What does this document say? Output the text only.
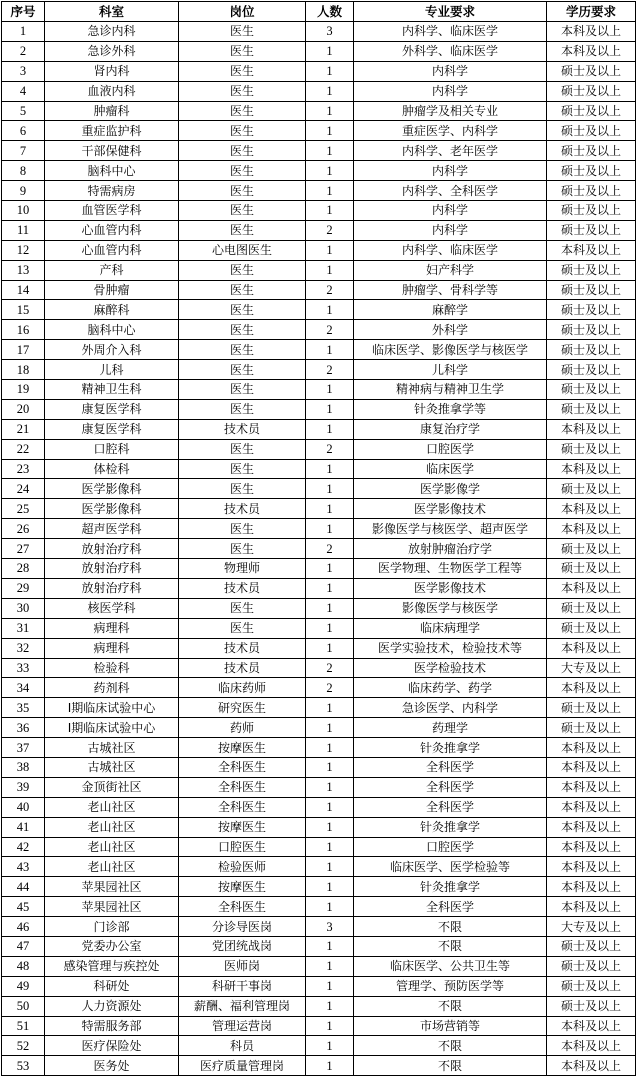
序号	科室	岗位	人数	专业要求	学历要求
1	急诊内科	医生	3	内科学、临床医学	本科及以上
2	急诊外科	医生	1	外科学、临床医学	本科及以上
3	肾内科	医生	1	内科学	硕士及以上
4	血液内科	医生	1	内科学	硕士及以上
5	肿瘤科	医生	1	肿瘤学及相关专业	硕士及以上
6	重症监护科	医生	1	重症医学、内科学	硕士及以上
7	干部保健科	医生	1	内科学、老年医学	硕士及以上
8	脑科中心	医生	1	内科学	硕士及以上
9	特需病房	医生	1	内科学、全科医学	硕士及以上
10	血管医学科	医生	1	内科学	硕士及以上
11	心血管内科	医生	2	内科学	硕士及以上
12	心血管内科	心电图医生	1	内科学、临床医学	本科及以上
13	产科	医生	1	妇产科学	硕士及以上
14	骨肿瘤	医生	2	肿瘤学、骨科学等	硕士及以上
15	麻醉科	医生	1	麻醉学	硕士及以上
16	脑科中心	医生	2	外科学	硕士及以上
17	外周介入科	医生	1	临床医学、影像医学与核医学	硕士及以上
18	儿科	医生	2	儿科学	硕士及以上
19	精神卫生科	医生	1	精神病与精神卫生学	硕士及以上
20	康复医学科	医生	1	针灸推拿学等	硕士及以上
21	康复医学科	技术员	1	康复治疗学	本科及以上
22	口腔科	医生	2	口腔医学	硕士及以上
23	体检科	医生	1	临床医学	本科及以上
24	医学影像科	医生	1	医学影像学	硕士及以上
25	医学影像科	技术员	1	医学影像技术	本科及以上
26	超声医学科	医生	1	影像医学与核医学、超声医学	本科及以上
27	放射治疗科	医生	2	放射肿瘤治疗学	硕士及以上
28	放射治疗科	物理师	1	医学物理、生物医学工程等	硕士及以上
29	放射治疗科	技术员	1	医学影像技术	本科及以上
30	核医学科	医生	1	影像医学与核医学	硕士及以上
31	病理科	医生	1	临床病理学	硕士及以上
32	病理科	技术员	1	医学实验技术，检验技术等	本科及以上
33	检验科	技术员	2	医学检验技术	大专及以上
34	药剂科	临床药师	2	临床药学、药学	本科及以上
35	I期临床试验中心	研究医生	1	急诊医学、内科学	硕士及以上
36	I期临床试验中心	药师	1	药理学	硕士及以上
37	古城社区	按摩医生	1	针灸推拿学	本科及以上
38	古城社区	全科医生	1	全科医学	本科及以上
39	金顶街社区	全科医生	1	全科医学	本科及以上
40	老山社区	全科医生	1	全科医学	本科及以上
41	老山社区	按摩医生	1	针灸推拿学	本科及以上
42	老山社区	口腔医生	1	口腔医学	本科及以上
43	老山社区	检验医师	1	临床医学、医学检验等	本科及以上
44	苹果园社区	按摩医生	1	针灸推拿学	本科及以上
45	苹果园社区	全科医生	1	全科医学	本科及以上
46	门诊部	分诊导医岗	3	不限	大专及以上
47	党委办公室	党团统战岗	1	不限	硕士及以上
48	感染管理与疾控处	医师岗	1	临床医学、公共卫生等	硕士及以上
49	科研处	科研干事岗	1	管理学、预防医学等	硕士及以上
50	人力资源处	薪酬、福利管理岗	1	不限	硕士及以上
51	特需服务部	管理运营岗	1	市场营销等	本科及以上
52	医疗保险处	科员	1	不限	本科及以上
53	医务处	医疗质量管理岗	1	不限	本科及以上
